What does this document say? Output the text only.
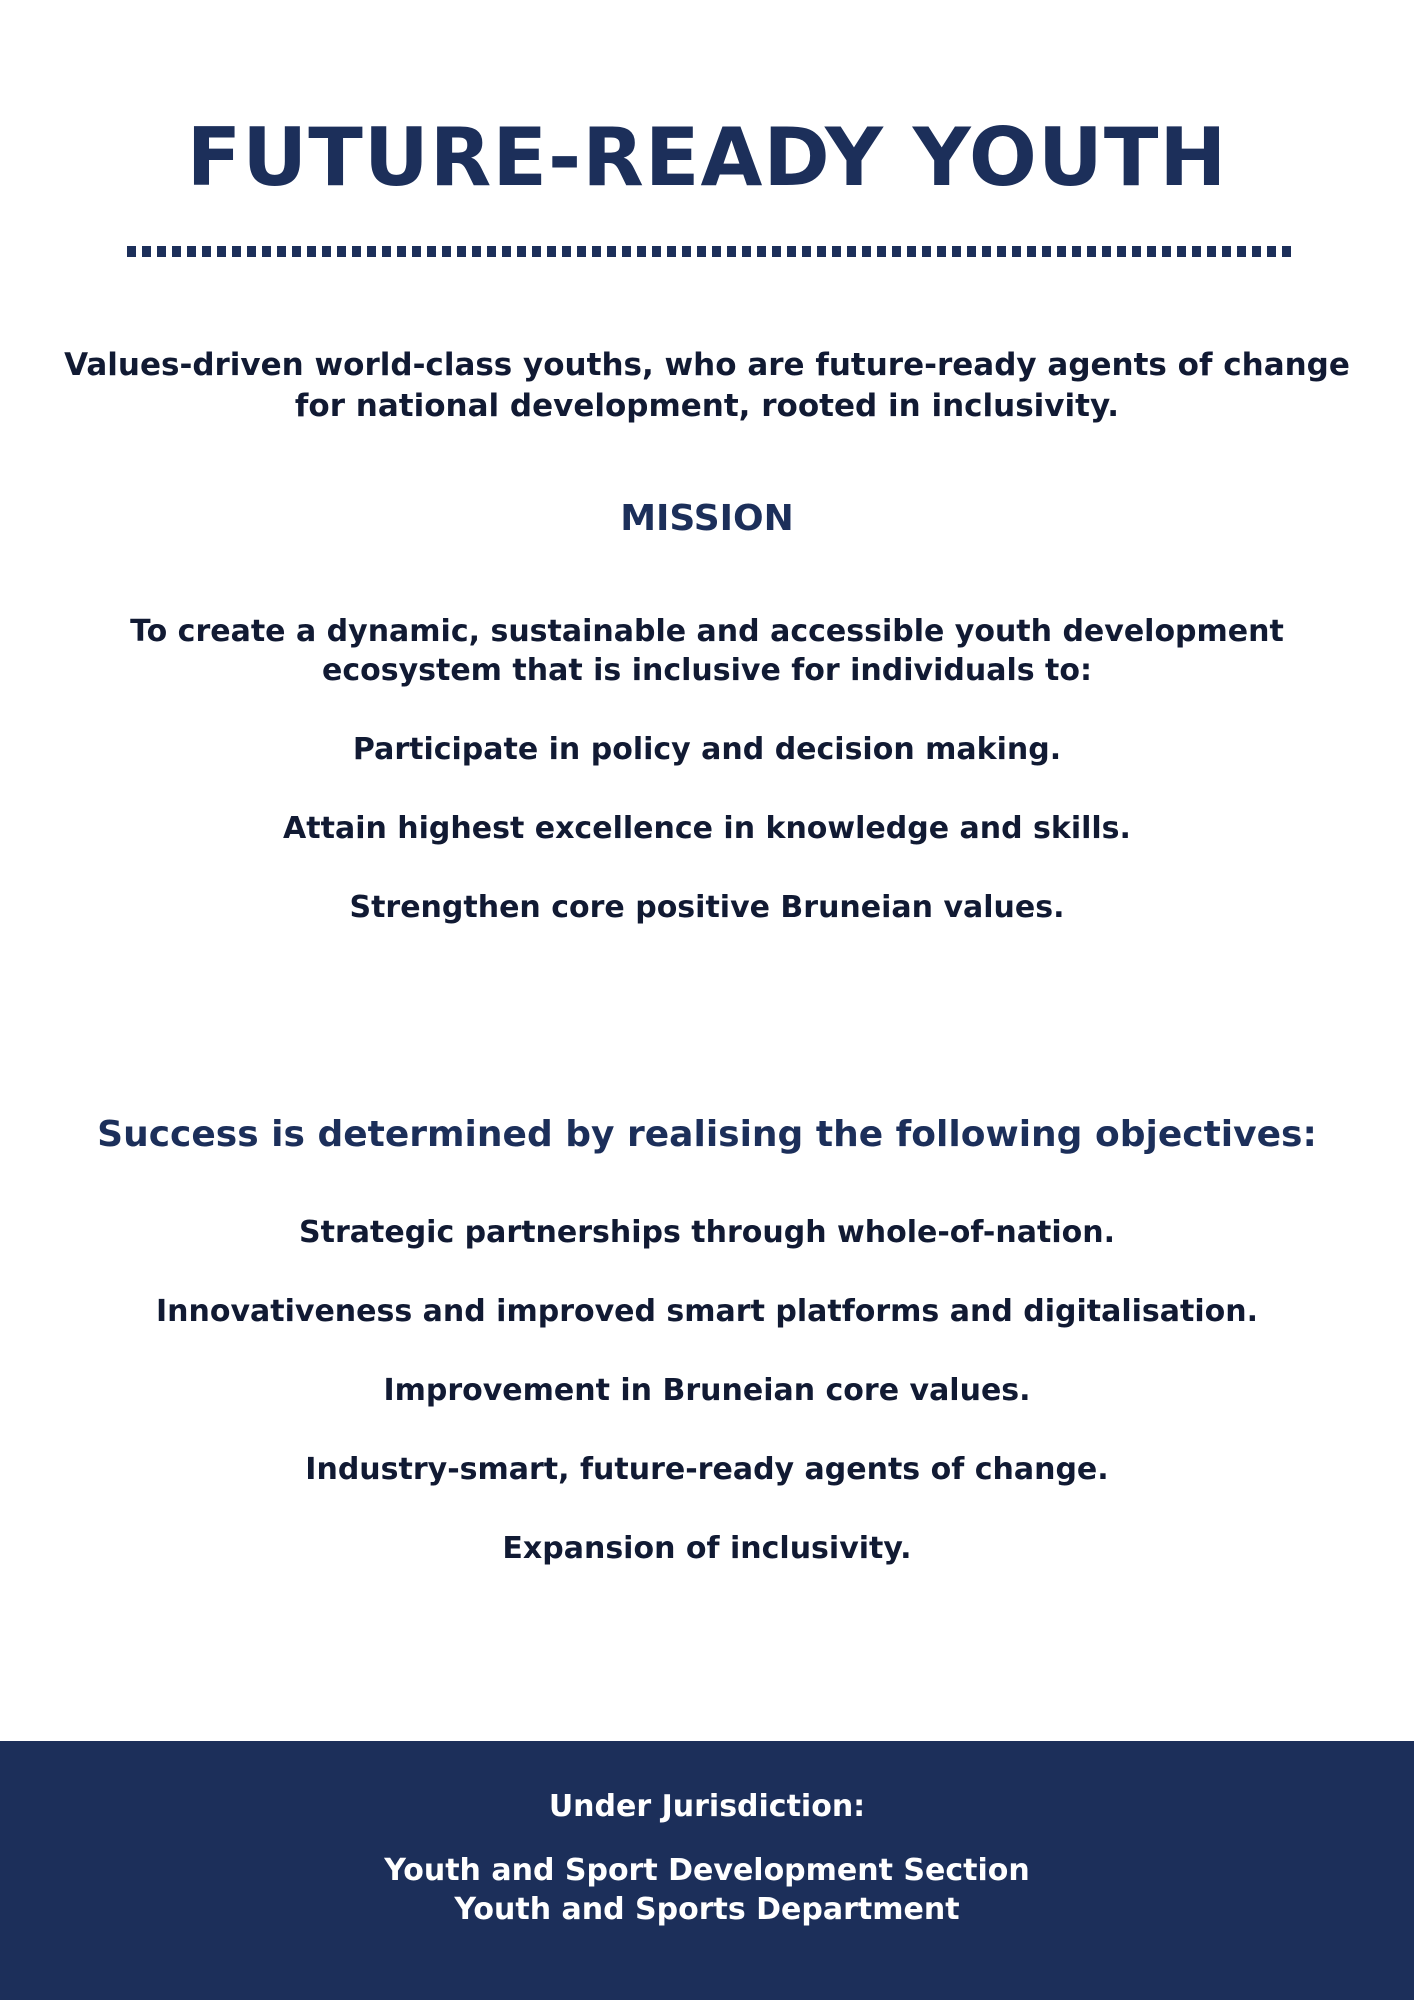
FUTURE-READY YOUTH

Values-driven world-class youths, who are future-ready agents of change for national development, rooted in inclusivity.

MISSION

To create a dynamic, sustainable and accessible youth development ecosystem that is inclusive for individuals to:

Participate in policy and decision making.
Attain highest excellence in knowledge and skills.
Strengthen core positive Bruneian values.
Success is determined by realising the following objectives:
Strategic partnerships through whole-of-nation.
Innovativeness and improved smart platforms and digitalisation.
Improvement in Bruneian core values.
Industry-smart, future-ready agents of change.
Expansion of inclusivity.
Under Jurisdiction:
Youth and Sport Development Section
Youth and Sports Department
